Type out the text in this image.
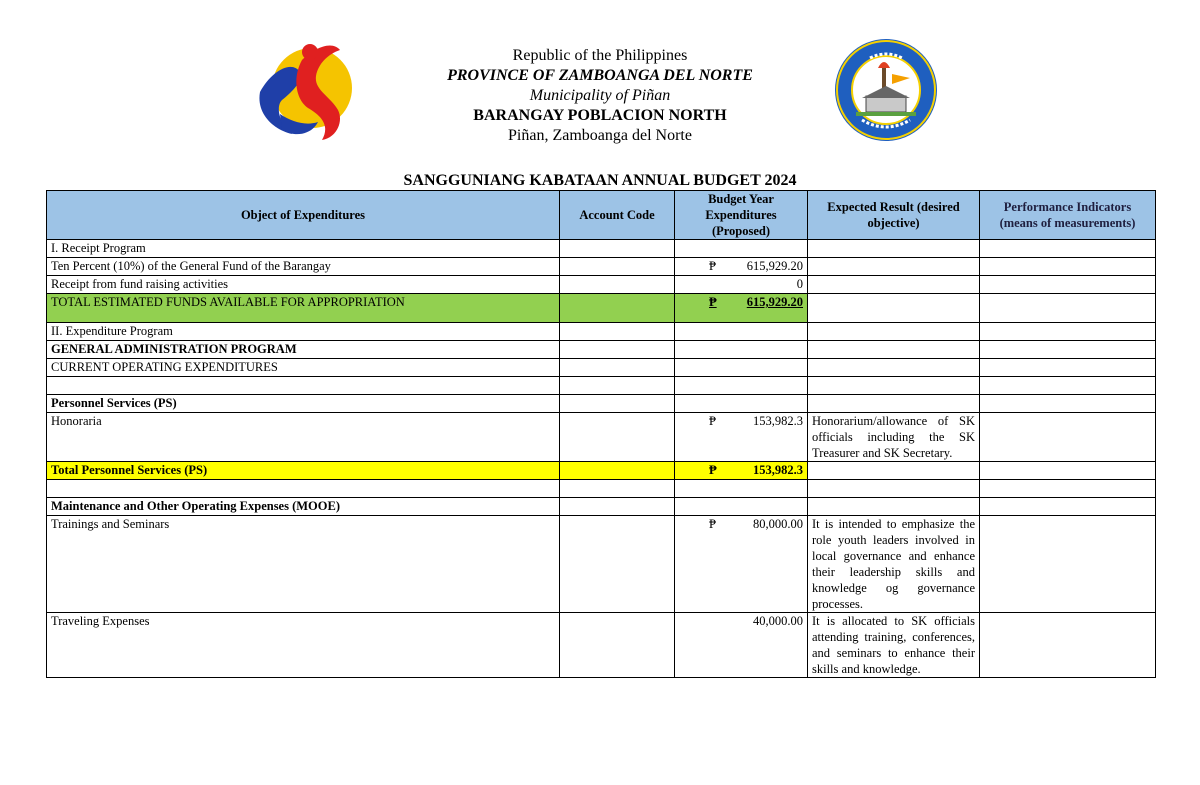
Republic of the Philippines
PROVINCE OF ZAMBOANGA DEL NORTE
Municipality of Piñan
BARANGAY POBLACION NORTH
Piñan, Zamboanga del Norte
SANGGUNIANG KABATAAN ANNUAL BUDGET 2024
Object of Expenditures	Account Code	Budget Year Expenditures (Proposed)	Expected Result (desired objective)	Performance Indicators (means of measurements)
I. Receipt Program				
Ten Percent (10%) of the General Fund of the Barangay		₱ 615,929.20		
Receipt from fund raising activities		0		
TOTAL ESTIMATED FUNDS AVAILABLE FOR APPROPRIATION		₱ 615,929.20		
II. Expenditure Program				
GENERAL ADMINISTRATION PROGRAM				
CURRENT OPERATING EXPENDITURES				

Personnel Services (PS)				
Honoraria		₱ 153,982.3	Honorarium/allowance of SK officials including the SK Treasurer and SK Secretary.	
Total Personnel Services (PS)		₱ 153,982.3		

Maintenance and Other Operating Expenses (MOOE)				
Trainings and Seminars		₱ 80,000.00	It is intended to emphasize the role youth leaders involved in local governance and enhance their leadership skills and knowledge og governance processes.	
Traveling Expenses		40,000.00	It is allocated to SK officials attending training, conferences, and seminars to enhance their skills and knowledge.	
